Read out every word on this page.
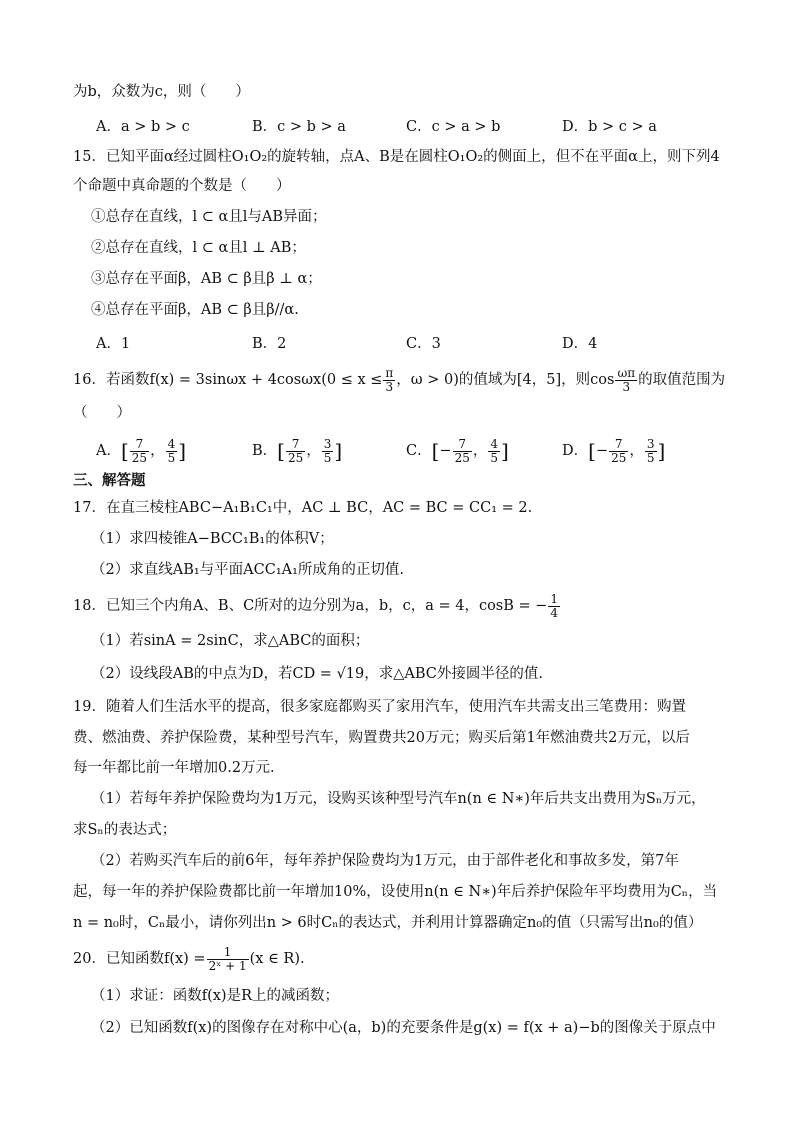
为b，众数为c，则（　　）
A．a > b > c	B．c > b > a	C．c > a > b	D．b > c > a
15．已知平面α经过圆柱O₁O₂的旋转轴，点A、B是在圆柱O₁O₂的侧面上，但不在平面α上，则下列4
个命题中真命题的个数是（　　）
①总存在直线，l ⊂ α且l与AB异面；
②总存在直线，l ⊂ α且l ⊥ AB；
③总存在平面β，AB ⊂ β且β ⊥ α；
④总存在平面β，AB ⊂ β且β//α.
A．1	B．2	C．3	D．4
16．若函数$f(x) = 3\sin\omega x + 4\cos\omega x(0 \le x \le \frac{\pi}{3}$ ，ω > 0)的值域为[4，5]，则$\cos \frac{\omega\pi}{3}$ 的取值范围为
（　　）
A．[ $\frac{7}{25}$ ， $\frac{4}{5}$ ]	B．[ $\frac{7}{25}$ ， $\frac{3}{5}$ ]	C．[− $\frac{7}{25}$ ， $\frac{4}{5}$ ]	D．[− $\frac{7}{25}$ ， $\frac{3}{5}$ ]
三、解答题
17．在直三棱柱ABC−A₁B₁C₁中，AC ⊥ BC，AC = BC = CC₁ = 2.
（1）求四棱锥A−BCC₁B₁的体积V；
（2）求直线AB₁与平面ACC₁A₁所成角的正切值.
18．已知三个内角A、B、C所对的边分别为a，b，c，a = 4，cosB = − $\frac{1}{4}$
（1）若sinA = 2sinC，求△ABC的面积；
（2）设线段AB的中点为D，若CD = √19，求△ABC外接圆半径的值.
19．随着人们生活水平的提高，很多家庭都购买了家用汽车，使用汽车共需支出三笔费用：购置
费、燃油费、养护保险费，某种型号汽车，购置费共20万元；购买后第1年燃油费共2万元，以后
每一年都比前一年增加0.2万元.
（1）若每年养护保险费均为1万元，设购买该种型号汽车n(n ∈ N∗)年后共支出费用为Sₙ万元，
求Sₙ的表达式；
（2）若购买汽车后的前6年，每年养护保险费均为1万元，由于部件老化和事故多发，第7年
起，每一年的养护保险费都比前一年增加10%，设使用n(n ∈ N∗)年后养护保险年平均费用为Cₙ，当
n = n₀时，Cₙ最小，请你列出n > 6时Cₙ的表达式，并利用计算器确定n₀的值（只需写出n₀的值）
20．已知函数$f(x) = \frac{1}{\text{2ˣ + 1}} (x$ ∈ R).
（1）求证：函数f(x)是R上的减函数；
（2）已知函数f(x)的图像存在对称中心(a，b)的充要条件是g(x) = f(x + a)−b的图像关于原点中
